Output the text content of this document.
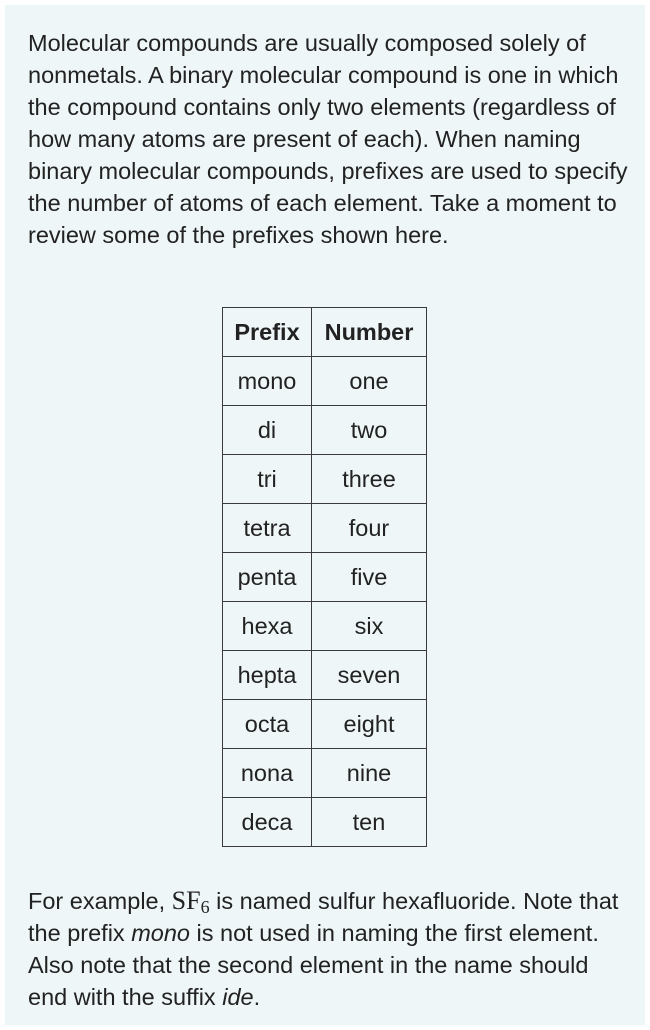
Molecular compounds are usually composed solely of nonmetals. A binary molecular compound is one in which the compound contains only two elements (regardless of how many atoms are present of each). When naming binary molecular compounds, prefixes are used to specify the number of atoms of each element. Take a moment to review some of the prefixes shown here.

Prefix	Number
mono	one
di	two
tri	three
tetra	four
penta	five
hexa	six
hepta	seven
octa	eight
nona	nine
deca	ten

For example, $SF_6$ is named sulfur hexafluoride. Note that the prefix mono is not used in naming the first element. Also note that the second element in the name should end with the suffix ide.
